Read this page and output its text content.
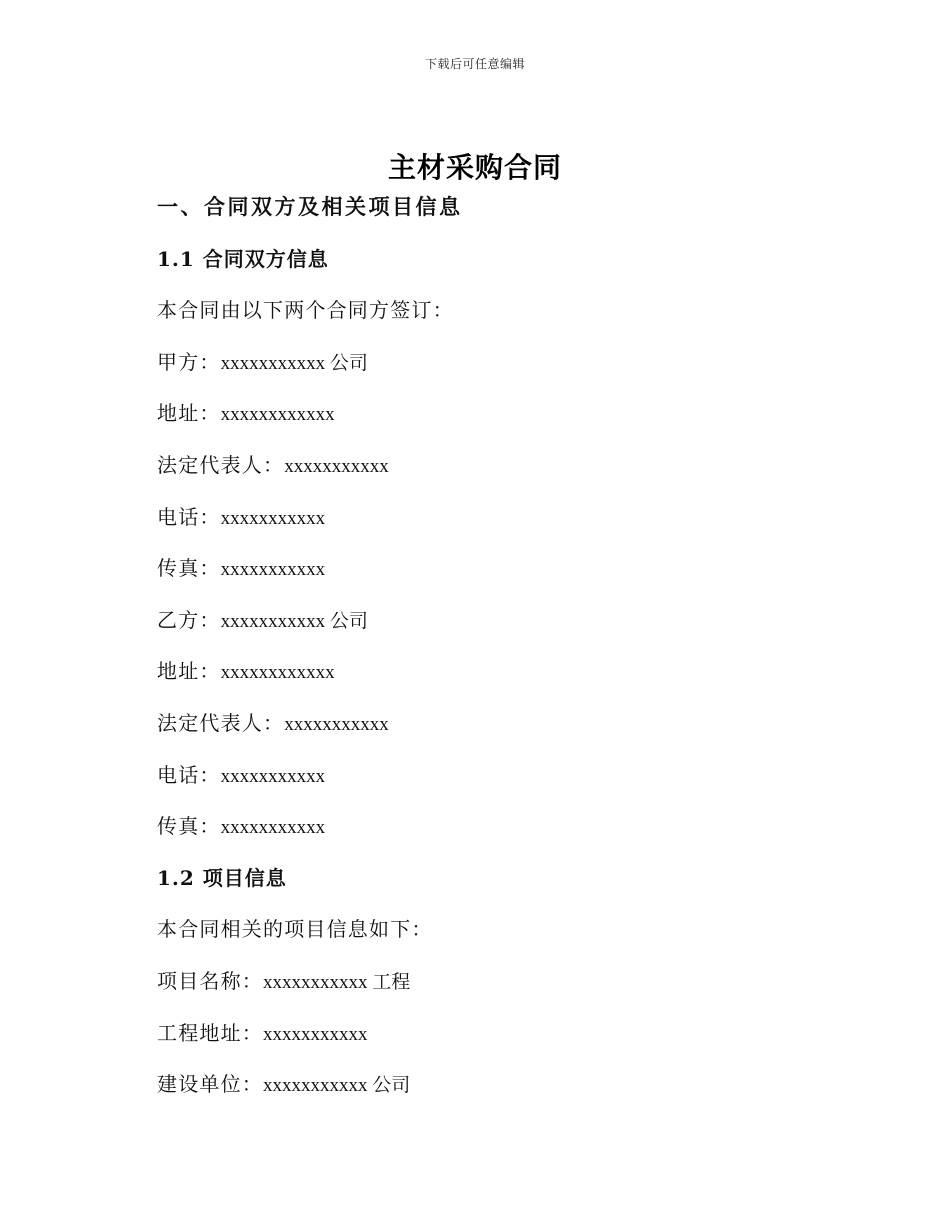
下载后可任意编辑
主材采购合同
一、合同双方及相关项目信息
1.1 合同双方信息
本合同由以下两个合同方签订：
甲方：xxxxxxxxxxx 公司
地址：xxxxxxxxxxxx
法定代表人：xxxxxxxxxxx
电话：xxxxxxxxxxx
传真：xxxxxxxxxxx
乙方：xxxxxxxxxxx 公司
地址：xxxxxxxxxxxx
法定代表人：xxxxxxxxxxx
电话：xxxxxxxxxxx
传真：xxxxxxxxxxx
1.2 项目信息
本合同相关的项目信息如下：
项目名称：xxxxxxxxxxx 工程
工程地址：xxxxxxxxxxx
建设单位：xxxxxxxxxxx 公司
